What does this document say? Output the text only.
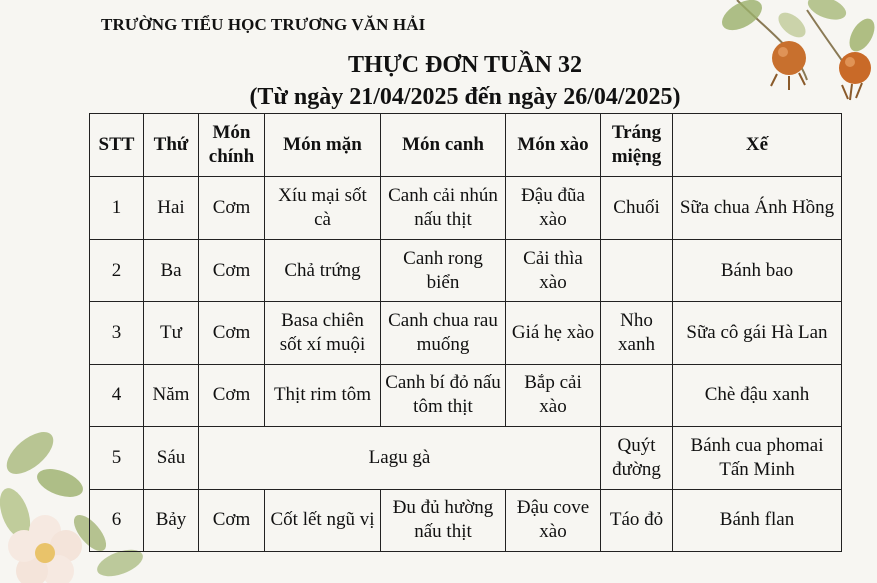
TRƯỜNG TIỂU HỌC TRƯƠNG VĂN HẢI
THỰC ĐƠN TUẦN 32
(Từ ngày 21/04/2025 đến ngày 26/04/2025)
STT	Thứ	Món chính	Món mặn	Món canh	Món xào	Tráng miệng	Xế
1	Hai	Cơm	Xíu mại sốt cà	Canh cải nhún nấu thịt	Đậu đũa xào	Chuối	Sữa chua Ánh Hồng
2	Ba	Cơm	Chả trứng	Canh rong biển	Cải thìa xào		Bánh bao
3	Tư	Cơm	Basa chiên sốt xí muội	Canh chua rau muống	Giá hẹ xào	Nho xanh	Sữa cô gái Hà Lan
4	Năm	Cơm	Thịt rim tôm	Canh bí đỏ nấu tôm thịt	Bắp cải xào		Chè đậu xanh
5	Sáu	Lagu gà				Quýt đường	Bánh cua phomai Tấn Minh
6	Bảy	Cơm	Cốt lết ngũ vị	Đu đủ hường nấu thịt	Đậu cove xào	Táo đỏ	Bánh flan
